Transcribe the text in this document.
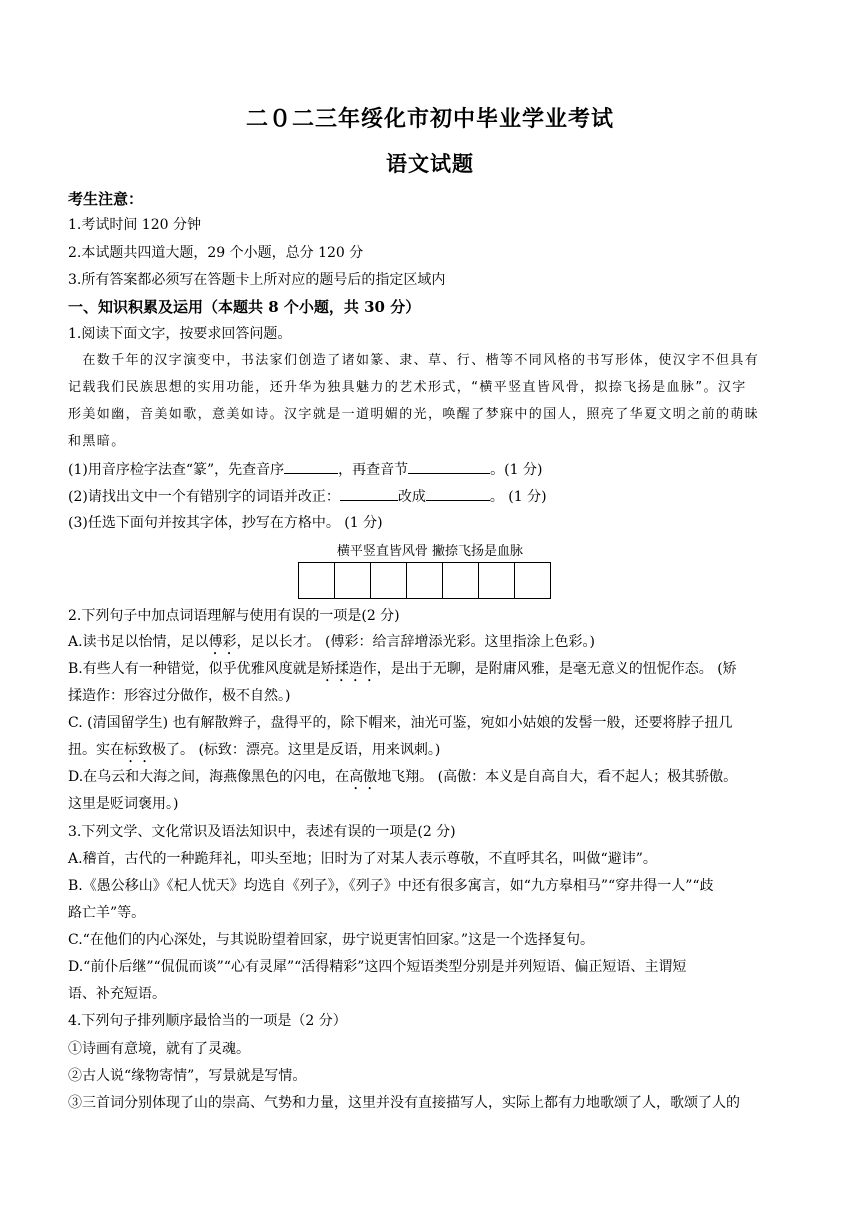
二０二三年绥化市初中毕业学业考试
语文试题
考生注意：
1.考试时间 120 分钟
2.本试题共四道大题，29 个小题，总分 120 分
3.所有答案都必须写在答题卡上所对应的题号后的指定区域内
一、知识积累及运用（本题共 8 个小题，共 30 分）
1.阅读下面文字，按要求回答问题。
　在数千年的汉字演变中，书法家们创造了诸如篆、隶、草、行、楷等不同风格的书写形体，使汉字不但具有
记载我们民族思想的实用功能，还升华为独具魅力的艺术形式，“横平竖直皆风骨，拟捺飞扬是血脉”。汉字
形美如幽，音美如歌，意美如诗。汉字就是一道明媚的光，唤醒了梦寐中的国人，照亮了华夏文明之前的萌昧
和黑暗。
(1)用音序检字法查“篆”，先查音序	，再查音节	。(1 分)
(2)请找出文中一个有错别字的词语并改正：	改成	。 (1 分)
(3)任选下面句并按其字体，抄写在方格中。 (1 分)
横平竖直皆风骨 撇捺飞扬是血脉
2.下列句子中加点词语理解与使用有误的一项是(2 分)
A.读书足以怡情，足以傅彩，足以长才。 (傅彩：给言辞增添光彩。这里指涂上色彩。)
B.有些人有一种错觉，似乎优雅风度就是矫揉造作，是出于无聊，是附庸风雅，是毫无意义的忸怩作态。 (矫
揉造作：形容过分做作，极不自然。)
C. (清国留学生) 也有解散辫子，盘得平的，除下帽来，油光可鉴，宛如小姑娘的发髻一般，还要将脖子扭几
扭。实在标致极了。 (标致：漂亮。这里是反语，用来讽刺。)
D.在乌云和大海之间，海燕像黑色的闪电，在高傲地飞翔。 (高傲：本义是自高自大，看不起人；极其骄傲。
这里是贬词褒用。)
3.下列文学、文化常识及语法知识中，表述有误的一项是(2 分)
A.稽首，古代的一种跪拜礼，叩头至地；旧时为了对某人表示尊敬，不直呼其名，叫做“避讳”。
B.《愚公移山》《杞人忧天》均选自《列子》，《列子》中还有很多寓言，如“九方皋相马”“穿井得一人”“歧
路亡羊”等。
C.“在他们的内心深处，与其说盼望着回家，毋宁说更害怕回家。”这是一个选择复句。
D.“前仆后继”“侃侃而谈”“心有灵犀”“活得精彩”这四个短语类型分别是并列短语、偏正短语、主谓短
语、补充短语。
4.下列句子排列顺序最恰当的一项是（2 分）
①诗画有意境，就有了灵魂。
②古人说“缘物寄情”，写景就是写情。
③三首词分别体现了山的崇高、气势和力量，这里并没有直接描写人，实际上都有力地歌颂了人，歌颂了人的
